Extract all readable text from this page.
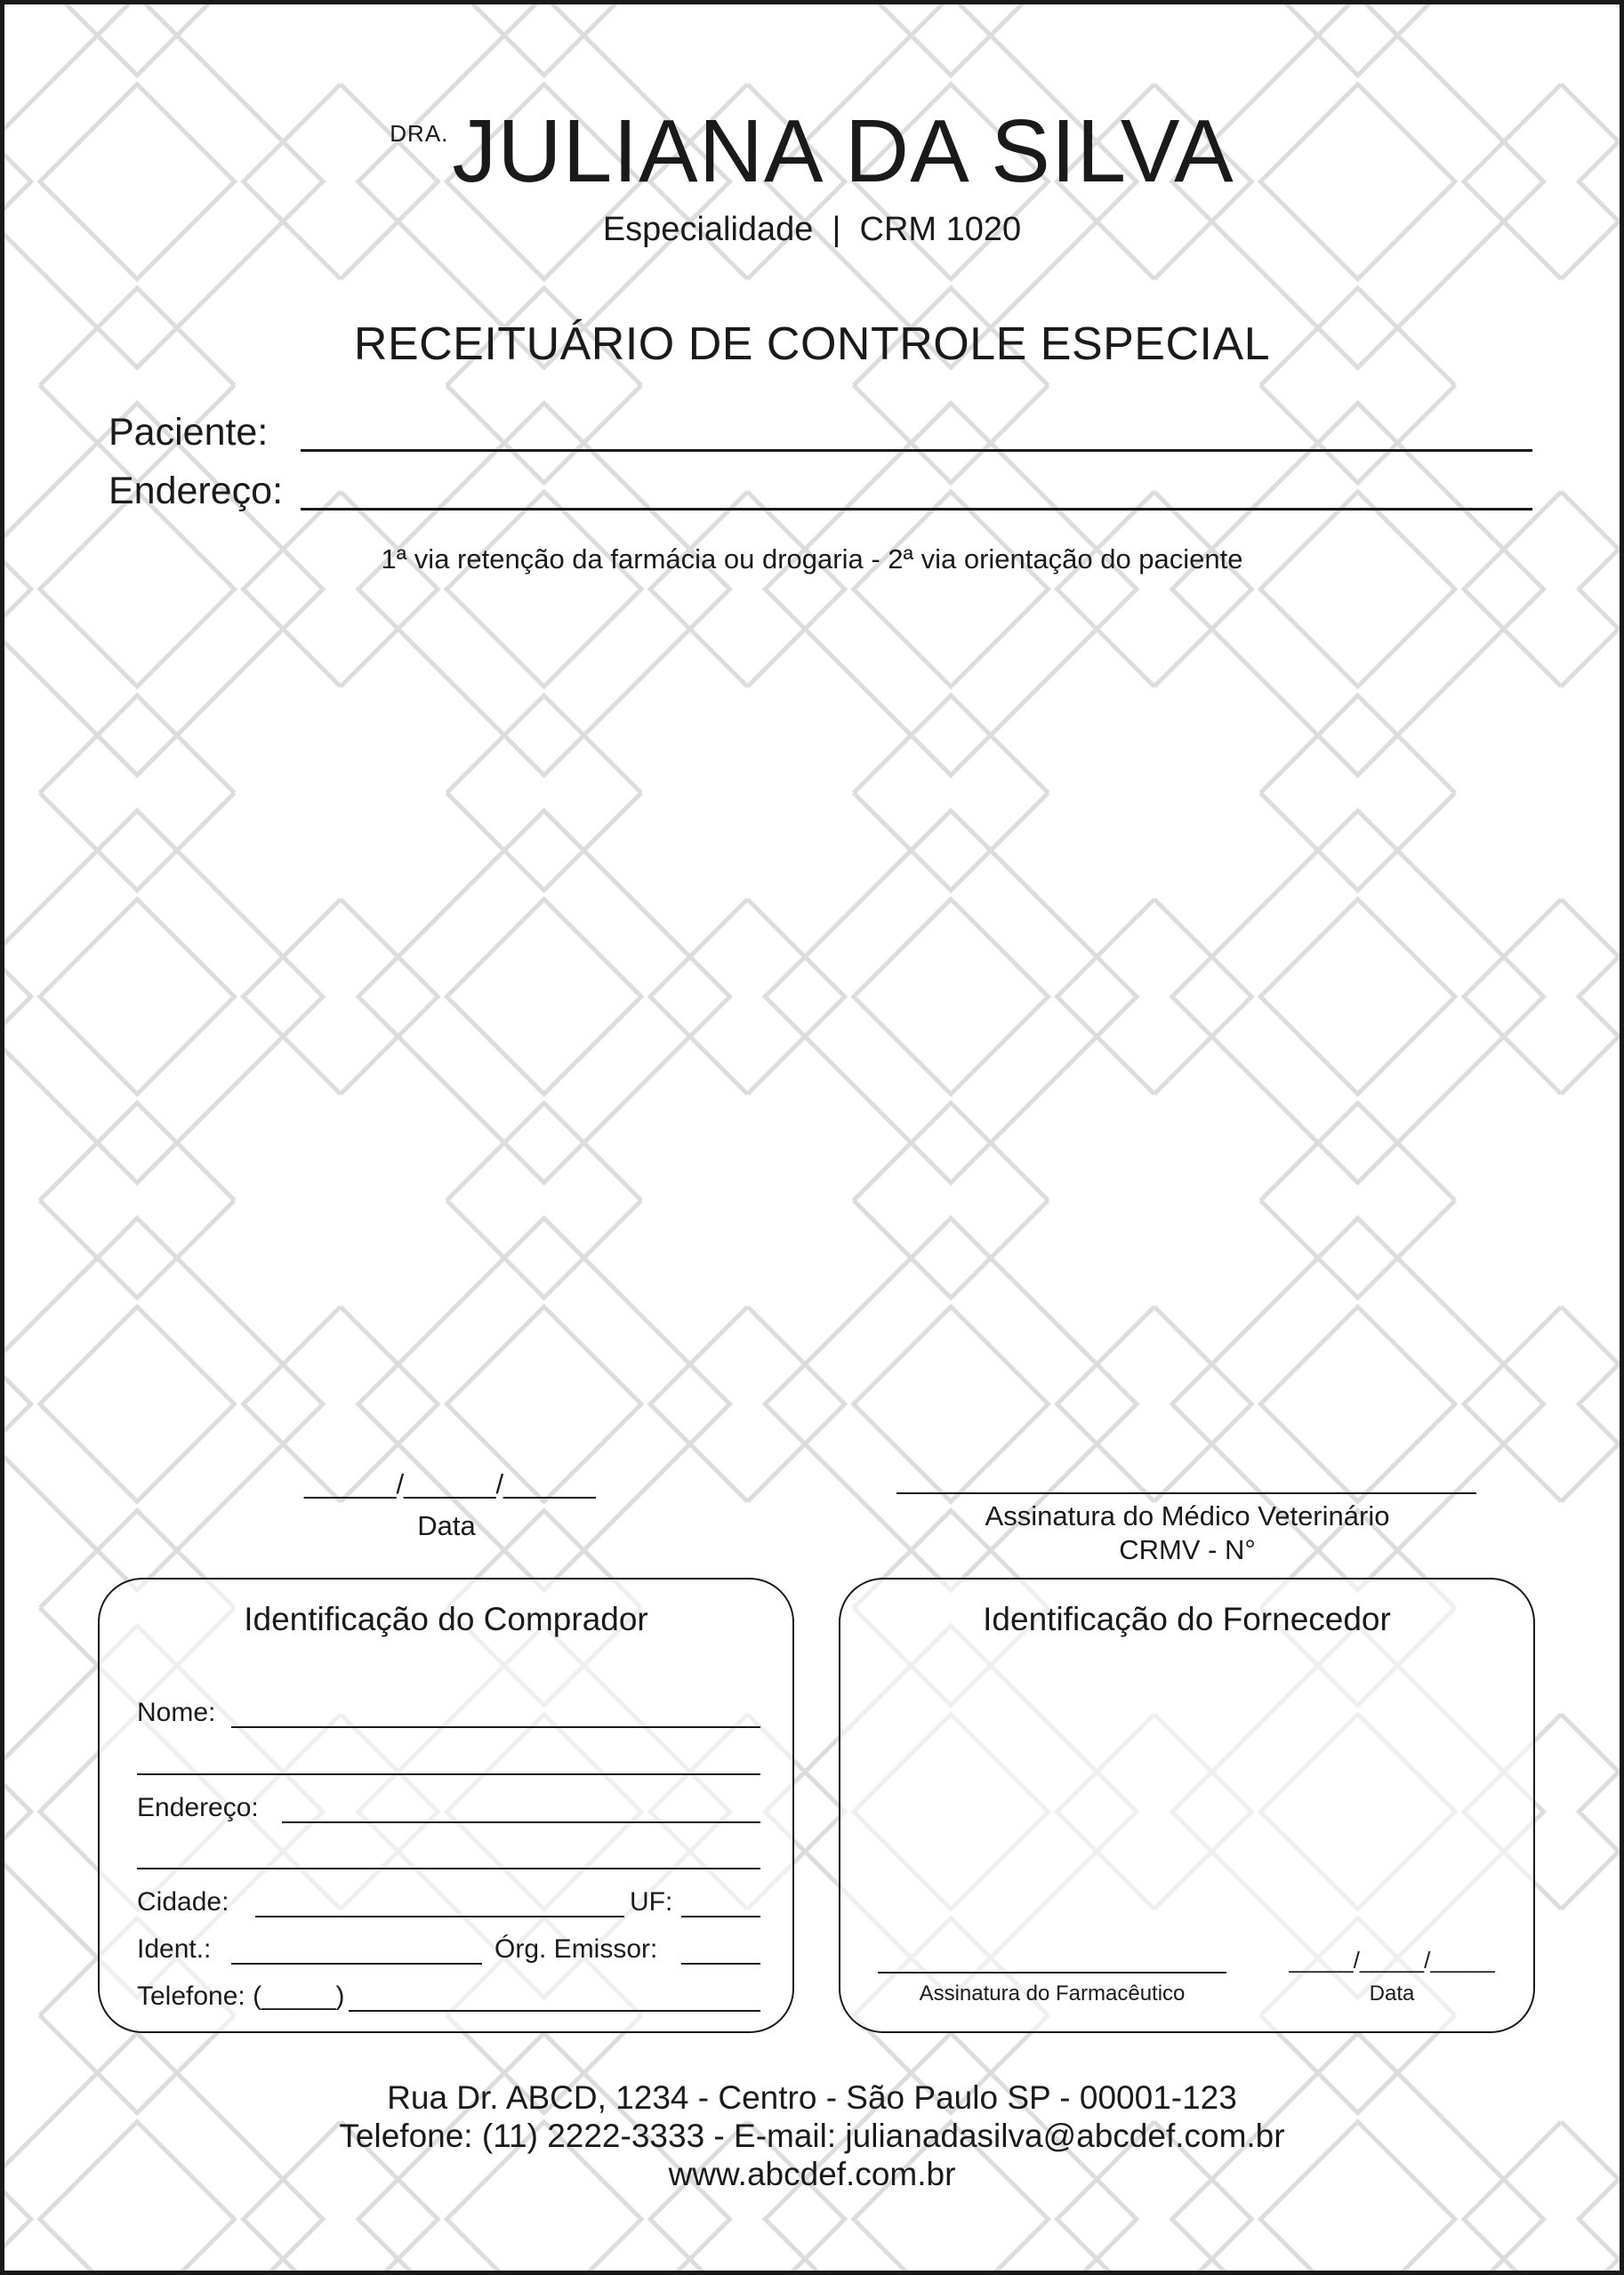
DRA.JULIANA DA SILVA
Especialidade  |  CRM 1020
RECEITUÁRIO DE CONTROLE ESPECIAL
Paciente:
Endereço:
1ª via retenção da farmácia ou drogaria - 2ª via orientação do paciente
______/______/______
Data	Assinatura do Médico Veterinário
CRMV - N°
Identificação do Comprador
Nome:
Endereço:
Cidade:	UF:
Ident.:	Órg. Emissor:
Telefone: (_____)
Identificação do Fornecedor
Assinatura do Farmacêutico
_____/_____/_____
Data
Rua Dr. ABCD, 1234 - Centro - São Paulo SP - 00001-123
Telefone: (11) 2222-3333 - E-mail: julianadasilva@abcdef.com.br
www.abcdef.com.br
